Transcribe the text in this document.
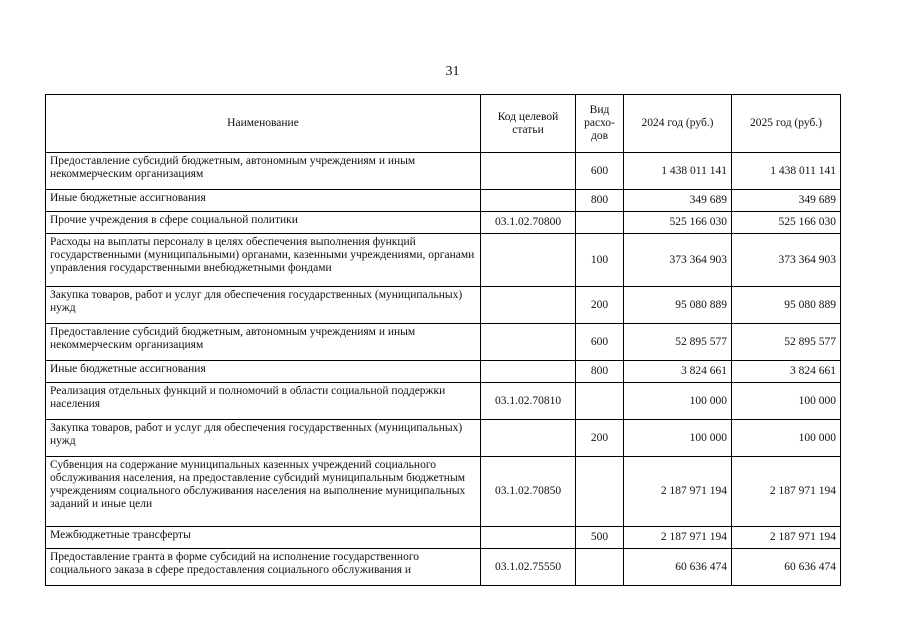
31
Наименование	Код целевой статьи	Вид расхо-дов	2024 год (руб.)	2025 год (руб.)
Предоставление субсидий бюджетным, автономным учреждениям и иным некоммерческим организациям		600	1 438 011 141	1 438 011 141
Иные бюджетные ассигнования		800	349 689	349 689
Прочие учреждения в сфере социальной политики	03.1.02.70800		525 166 030	525 166 030
Расходы на выплаты персоналу в целях обеспечения выполнения функций государственными (муниципальными) органами, казенными учреждениями, органами управления государственными внебюджетными фондами		100	373 364 903	373 364 903
Закупка товаров, работ и услуг для обеспечения государственных (муниципальных) нужд		200	95 080 889	95 080 889
Предоставление субсидий бюджетным, автономным учреждениям и иным некоммерческим организациям		600	52 895 577	52 895 577
Иные бюджетные ассигнования		800	3 824 661	3 824 661
Реализация отдельных функций и полномочий в области социальной поддержки населения	03.1.02.70810		100 000	100 000
Закупка товаров, работ и услуг для обеспечения государственных (муниципальных) нужд		200	100 000	100 000
Субвенция на содержание муниципальных казенных учреждений социального обслуживания населения, на предоставление субсидий муниципальным бюджетным учреждениям социального обслуживания населения на выполнение муниципальных заданий и иные цели	03.1.02.70850		2 187 971 194	2 187 971 194
Межбюджетные трансферты		500	2 187 971 194	2 187 971 194
Предоставление гранта в форме субсидий на исполнение государственного социального заказа в сфере предоставления социального обслуживания и	03.1.02.75550		60 636 474	60 636 474
